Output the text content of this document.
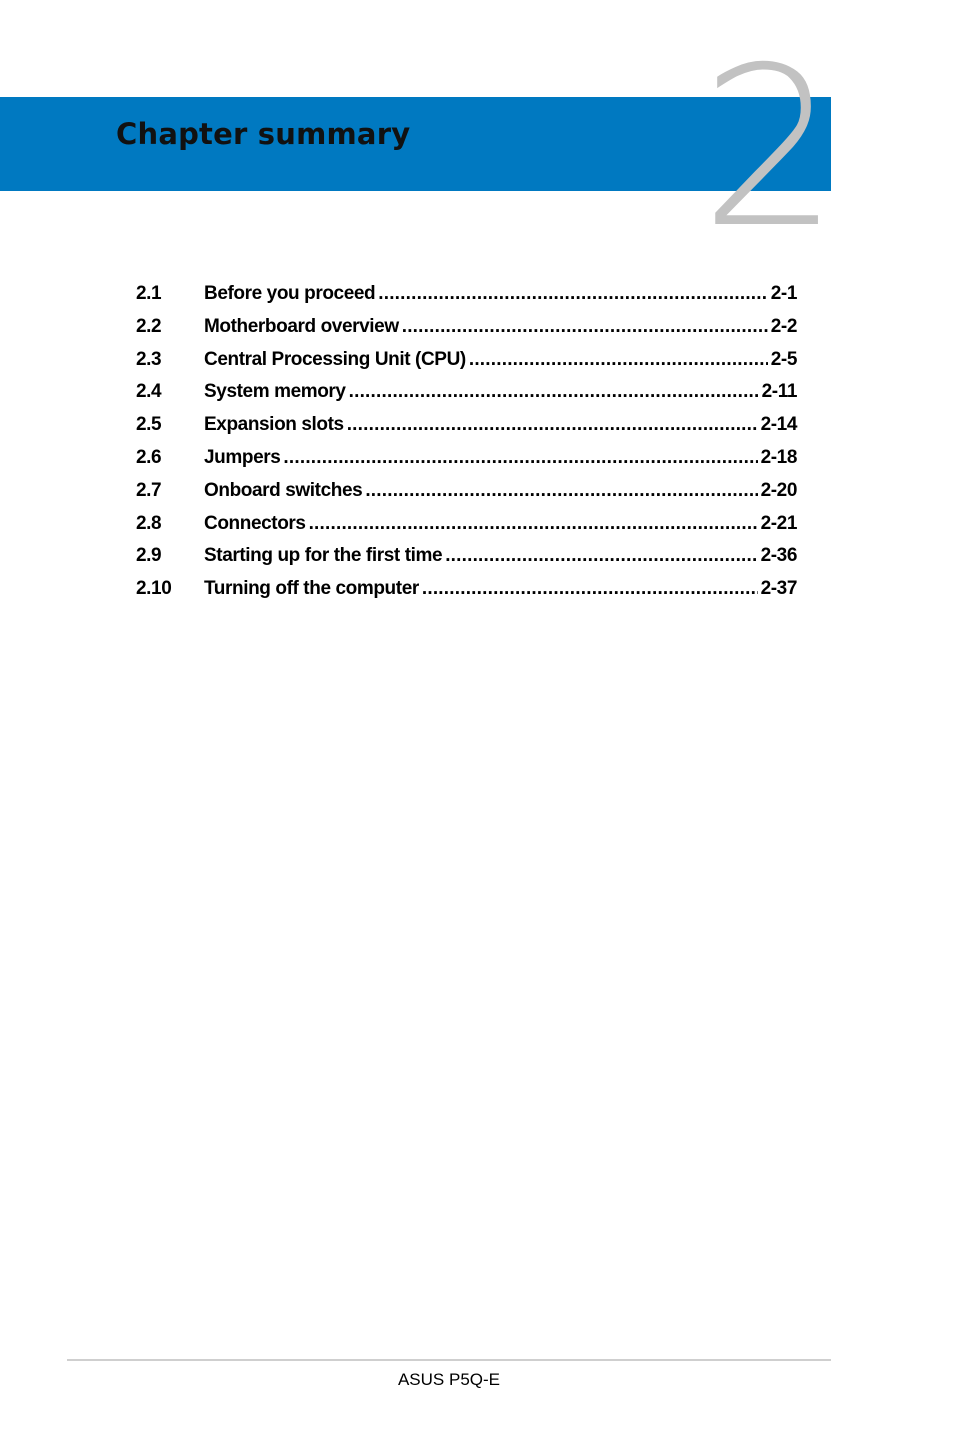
2
Chapter summary
2.1	Before you proceed .....	2-1
2.2	Motherboard overview .....	2-2
2.3	Central Processing Unit (CPU) .....	2-5
2.4	System memory .....	2-11
2.5	Expansion slots .....	2-14
2.6	Jumpers .....	2-18
2.7	Onboard switches .....	2-20
2.8	Connectors .....	2-21
2.9	Starting up for the first time .....	2-36
2.10	Turning off the computer .....	2-37
ASUS P5Q-E
